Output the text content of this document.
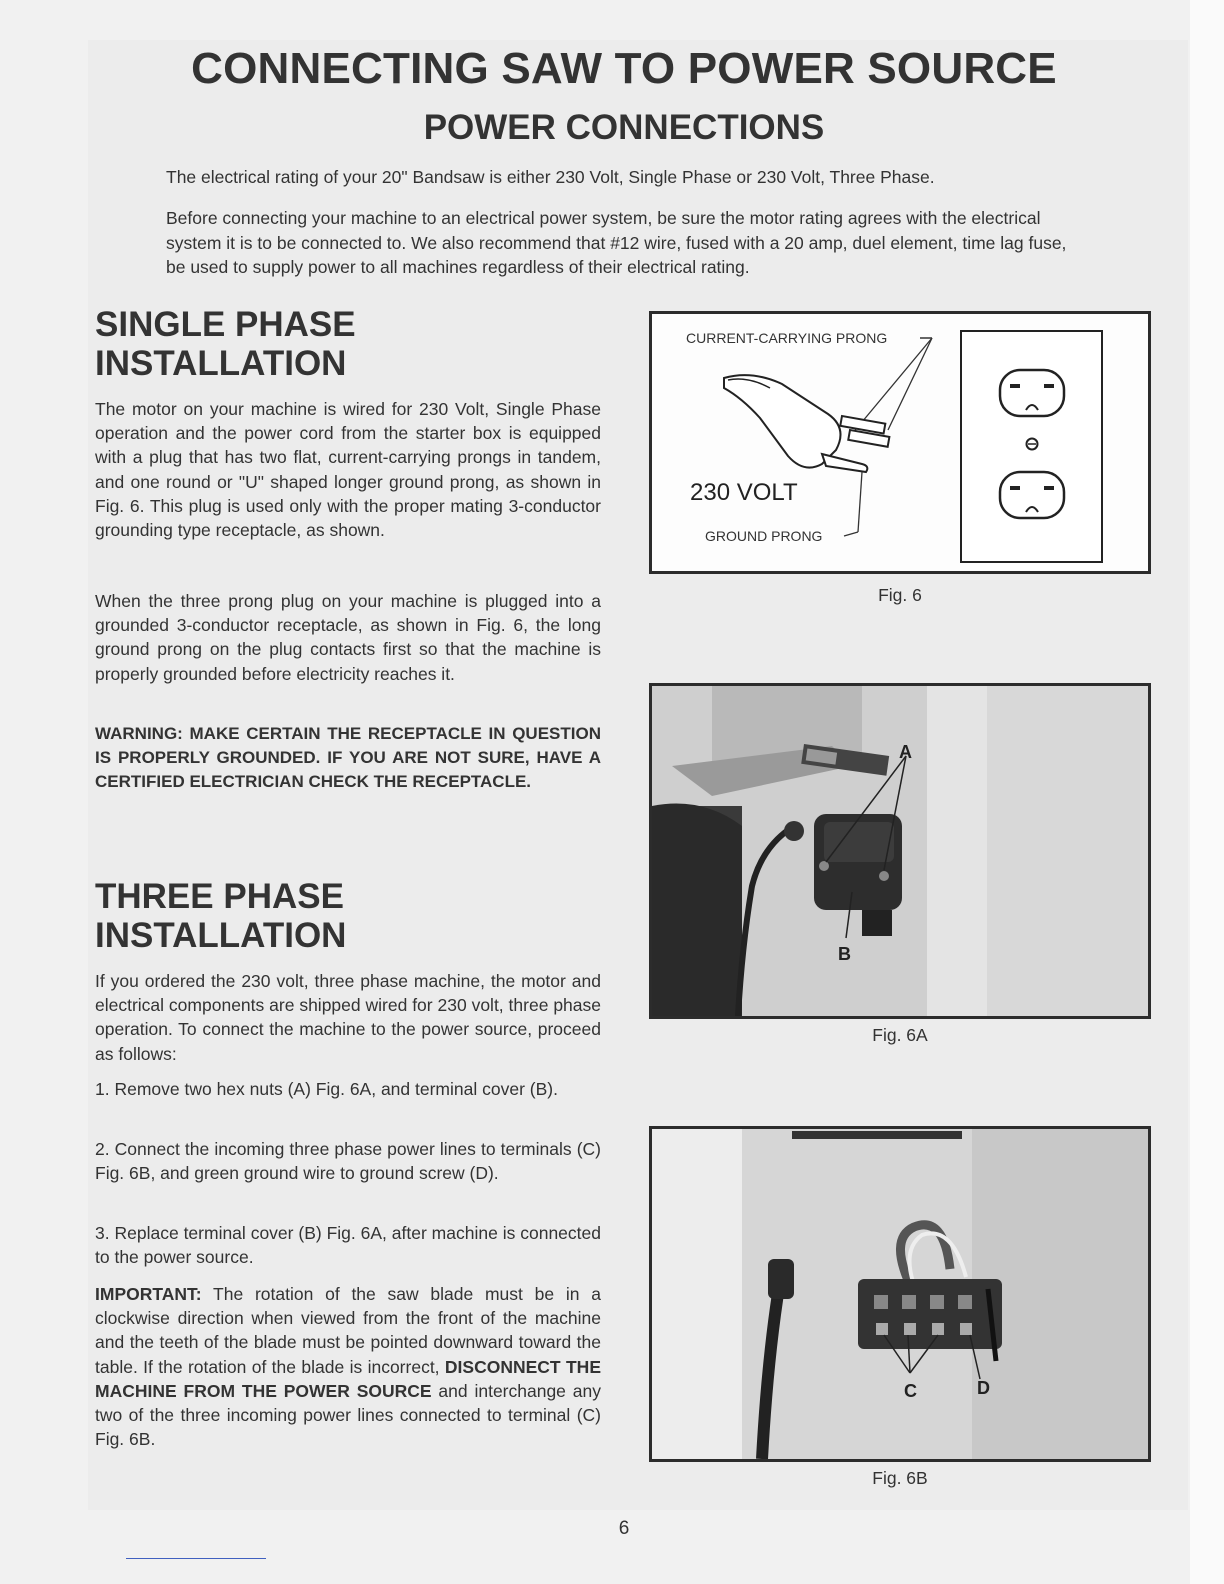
CONNECTING SAW TO POWER SOURCE
POWER CONNECTIONS

The electrical rating of your 20" Bandsaw is either 230 Volt, Single Phase or 230 Volt, Three Phase.

Before connecting your machine to an electrical power system, be sure the motor rating agrees with the electrical system it is to be connected to. We also recommend that #12 wire, fused with a 20 amp, duel element, time lag fuse, be used to supply power to all machines regardless of their electrical rating.

SINGLE PHASE
INSTALLATION

The motor on your machine is wired for 230 Volt, Single Phase operation and the power cord from the starter box is equipped with a plug that has two flat, current-carrying prongs in tandem, and one round or "U" shaped longer ground prong, as shown in Fig. 6. This plug is used only with the proper mating 3-conductor grounding type receptacle, as shown.

When the three prong plug on your machine is plugged into a grounded 3-conductor receptacle, as shown in Fig. 6, the long ground prong on the plug contacts first so that the machine is properly grounded before electricity reaches it.

WARNING: MAKE CERTAIN THE RECEPTACLE IN QUESTION IS PROPERLY GROUNDED. IF YOU ARE NOT SURE, HAVE A CERTIFIED ELECTRICIAN CHECK THE RECEPTACLE.

THREE PHASE
INSTALLATION

If you ordered the 230 volt, three phase machine, the motor and electrical components are shipped wired for 230 volt, three phase operation. To connect the machine to the power source, proceed as follows:

1. Remove two hex nuts (A) Fig. 6A, and terminal cover (B).

2. Connect the incoming three phase power lines to terminals (C) Fig. 6B, and green ground wire to ground screw (D).

3. Replace terminal cover (B) Fig. 6A, after machine is connected to the power source.

IMPORTANT: The rotation of the saw blade must be in a clockwise direction when viewed from the front of the machine and the teeth of the blade must be pointed downward toward the table. If the rotation of the blade is incorrect, DISCONNECT THE MACHINE FROM THE POWER SOURCE and interchange any two of the three incoming power lines connected to terminal (C) Fig. 6B.

CURRENT-CARRYING PRONG
230 VOLT
GROUND PRONG
Fig. 6
A
B
Fig. 6A
C	D
Fig. 6B
6
